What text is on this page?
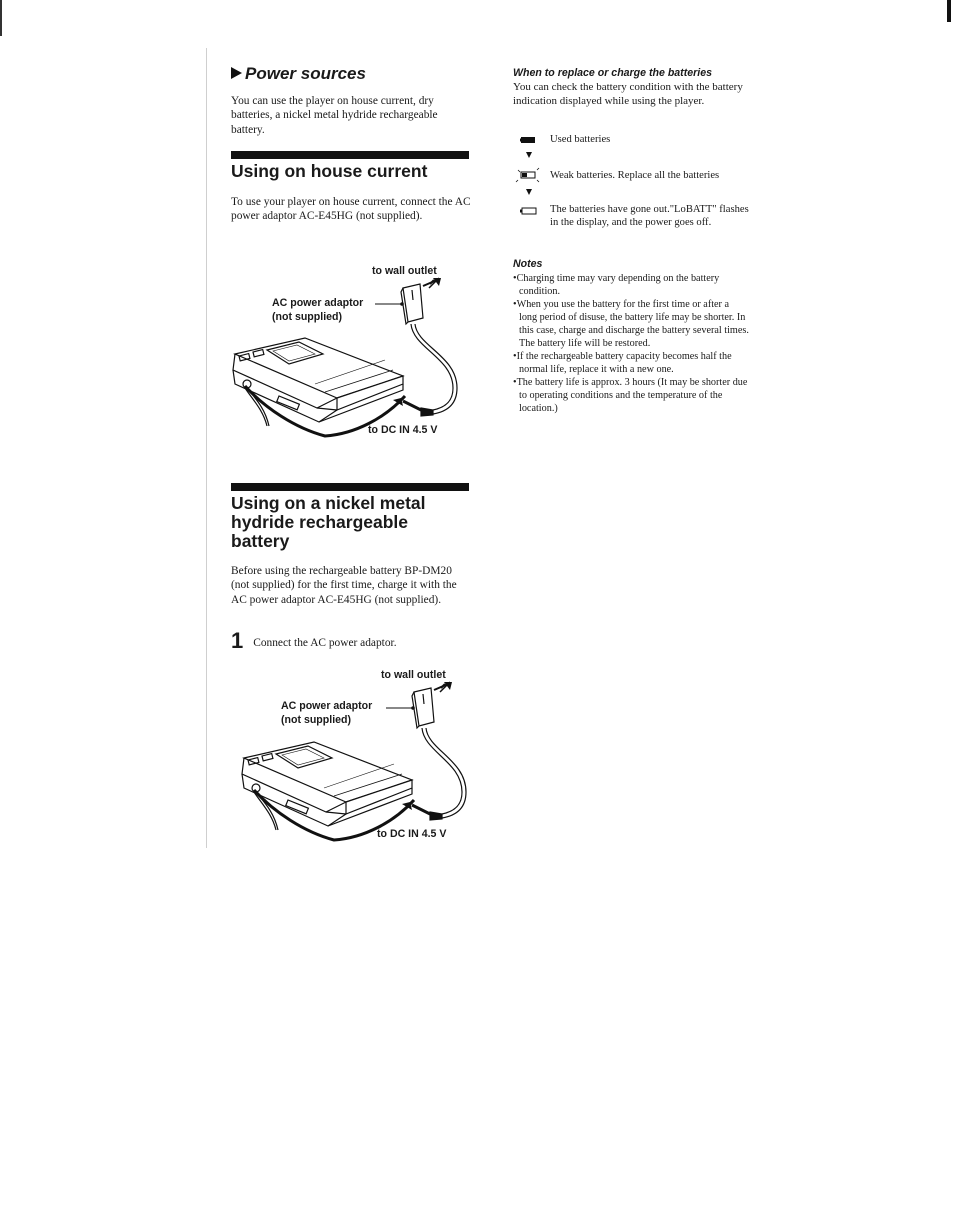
Power sources
You can use the player on house current, dry batteries, a nickel metal hydride rechargeable battery.
Using on house current
To use your player on house current, connect the AC power adaptor AC-E45HG (not supplied).
to wall outlet
AC power adaptor
(not supplied)
to DC IN 4.5 V
Using on a nickel metal
hydride rechargeable
battery
Before using the rechargeable battery BP-DM20 (not supplied) for the first time, charge it with the AC power adaptor AC-E45HG (not supplied).
1 Connect the AC power adaptor.
to wall outlet
AC power adaptor
(not supplied)
to DC IN 4.5 V
When to replace or charge the batteries
You can check the battery condition with the battery indication displayed while using the player.
Used batteries
Weak batteries. Replace all the batteries
The batteries have gone out."LoBATT" flashes in the display, and the power goes off.
Notes
•Charging time may vary depending on the battery condition.
•When you use the battery for the first time or after a long period of disuse, the battery life may be shorter. In this case, charge and discharge the battery several times. The battery life will be restored.
•If the rechargeable battery capacity becomes half the normal life, replace it with a new one.
•The battery life is approx. 3 hours (It may be shorter due to operating conditions and the temperature of the location.)
